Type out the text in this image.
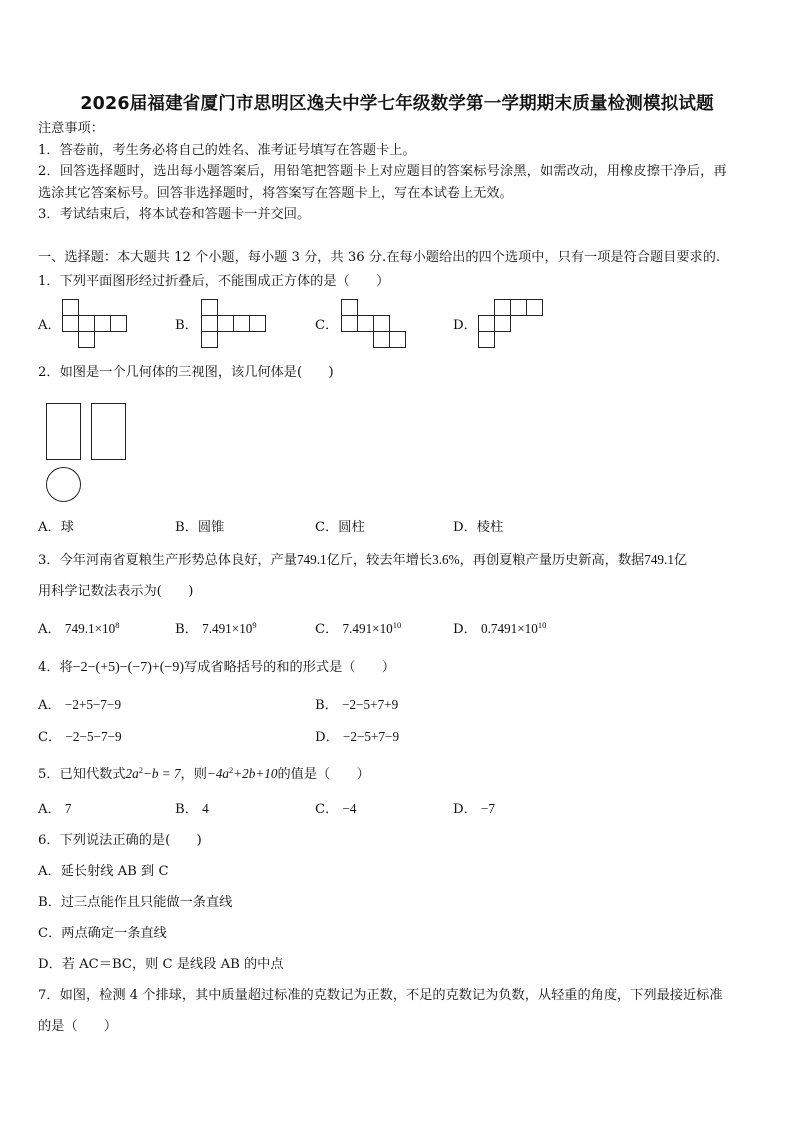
2026届福建省厦门市思明区逸夫中学七年级数学第一学期期末质量检测模拟试题
注意事项：
1．答卷前，考生务必将自己的姓名、准考证号填写在答题卡上。
2．回答选择题时，选出每小题答案后，用铅笔把答题卡上对应题目的答案标号涂黑，如需改动，用橡皮擦干净后，再
选涂其它答案标号。回答非选择题时，将答案写在答题卡上，写在本试卷上无效。
3．考试结束后，将本试卷和答题卡一并交回。
一、选择题：本大题共 12 个小题，每小题 3 分，共 36 分.在每小题给出的四个选项中，只有一项是符合题目要求的.
1．下列平面图形经过折叠后，不能围成正方体的是（　　）
A．	B．	C．	D．
2．如图是一个几何体的三视图，该几何体是(　　)
A．球	B．圆锥	C．圆柱	D．棱柱
3．今年河南省夏粮生产形势总体良好，产量749.1亿斤，较去年增长3.6%，再创夏粮产量历史新高，数据749.1亿
用科学记数法表示为(　　)
A． $749.1\times 10^8$	B． $7.491\times 10^9$	C． $7.491\times 10^{10}$	D． $0.7491\times 10^{10}$
4．将−2−(+5)−(−7)+(−9)写成省略括号的和的形式是（　　）
A． −2+5−7−9	B． −2−5+7+9
C． −2−5−7−9	D． −2−5+7−9
5．已知代数式$2a^2-b = 7$，则$-4a^2+2b+10$的值是（　　）
A． 7	B． 4	C． −4	D． −7
6．下列说法正确的是(　　)
A．延长射线 AB 到 C
B．过三点能作且只能做一条直线
C．两点确定一条直线
D．若 AC＝BC，则 C 是线段 AB 的中点
7．如图，检测 4 个排球，其中质量超过标准的克数记为正数，不足的克数记为负数，从轻重的角度，下列最接近标准
的是（　　）
